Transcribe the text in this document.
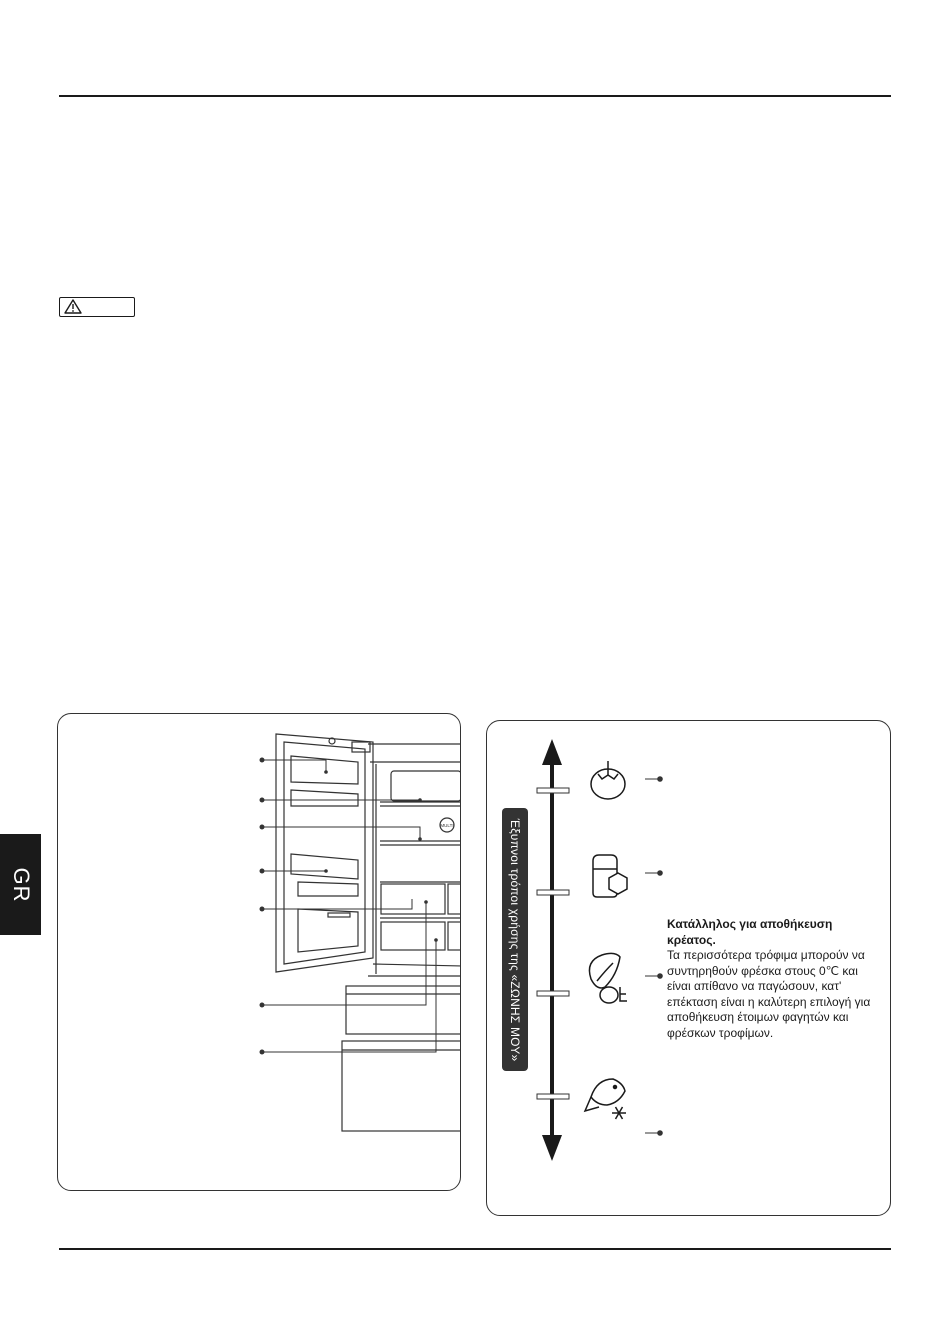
GR
MULTI	Έξυπνοι τρόποι χρήσης της «ΖΩΝΗΣ ΜΟΥ»	Κατάλληλος για αποθήκευση κρέατος.
Τα περισσότερα τρόφιμα μπορούν να συντηρηθούν φρέσκα στους 0℃ και είναι απίθανο να παγώσουν, κατ' επέκταση είναι η καλύτερη επιλογή για αποθήκευση έτοιμων φαγητών και φρέσκων τροφίμων.
